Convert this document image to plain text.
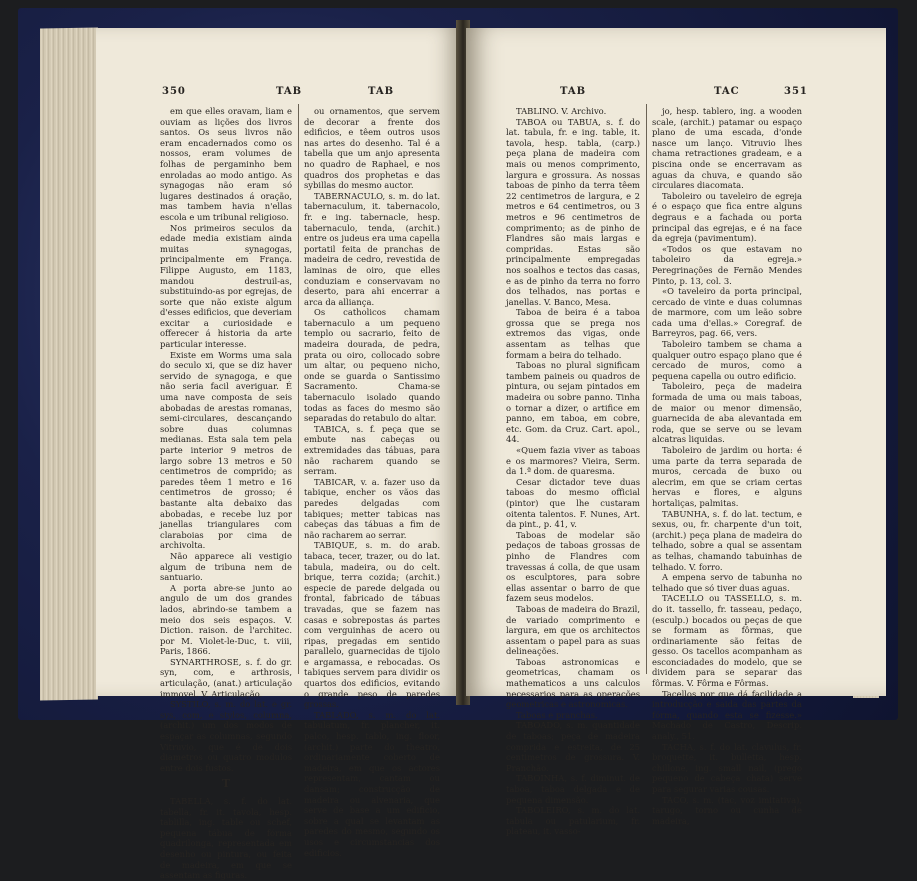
350	TAB	TAB

em que elles oravam, liam e ouviam as lições dos livros santos. Os seus livros não eram encadernados como os nossos, eram volumes de folhas de pergaminho bem enroladas ao modo antigo. As synagogas não eram só lugares destinados á oração, mas tambem havia n'ellas escola e um tribunal religioso.

Nos primeiros seculos da edade media existiam ainda muitas synagogas, principalmente em França. Filippe Augusto, em 1183, mandou destruil-as, substituindo-as por egrejas, de sorte que não existe algum d'esses edificios, que deveriam excitar a curiosidade e offerecer á historia da arte particular interesse.

Existe em Worms uma sala do seculo xi, que se diz haver servido de synagoga, e que não seria facil averiguar. É uma nave composta de seis abobadas de arestas romanas, semi-circulares, descançando sobre duas columnas medianas. Esta sala tem pela parte interior 9 metros de largo sobre 13 metros e 50 centimetros de comprido; as paredes têem 1 metro e 16 centimetros de grosso; é bastante alta debaixo das abobadas, e recebe luz por janellas triangulares com claraboias por cima de archivolta.

Não apparece ali vestigio algum de tribuna nem de santuario.

A porta abre-se junto ao angulo de um dos grandes lados, abrindo-se tambem a meio dos seis espaços. V. Diction. raison. de l'architec. por M. Violet-le-Duc, t. viii, Paris, 1866.

SYNARTHROSE, s. f. do gr. syn, com, e arthrosis, articulação, (anat.) articulação immovel. V. Articulação.

SYSTILO, s. m. do lat. e gr. sys, com, e stylos, columna, (archit.) um dos modos de espaçar as columnas, segundo Vitruvio, que é de dois diametros ou quatro modulos entre dois fustos.

T

TABELLA, s. f. do lat. tabella, fr. it. tavola, hesp. tablilla, ing. table ou schef, pequena tábua de fórma quadrilonga, representada em desenho ou pintura, ou feita de madeira, em que se assentam as figuras.

ou ornamentos, que servem de decorar a frente dos edificios, e têem outros usos nas artes do desenho. Tal é a tabella que um anjo apresenta no quadro de Raphael, e nos quadros dos prophetas e das sybillas do mesmo auctor.

TABERNACULO, s. m. do lat. tabernaculum, it. tabernacolo, fr. e ing. tabernacle, hesp. tabernaculo, tenda, (archit.) entre os judeus era uma capella portatil feita de pranchas de madeira de cedro, revestida de laminas de oiro, que elles conduziam e conservavam no deserto, para ahi encerrar a arca da alliança.

Os catholicos chamam tabernaculo a um pequeno templo ou sacrario, feito de madeira dourada, de pedra, prata ou oiro, collocado sobre um altar, ou pequeno nicho, onde se guarda o Santissimo Sacramento. Chama-se tabernaculo isolado quando todas as faces do mesmo são separadas do retabulo do altar.

TABICA, s. f. peça que se embute nas cabeças ou extremidades das tábuas, para não racharem quando se serram.

TABICAR, v. a. fazer uso da tabique, encher os vãos das paredes delgadas com tabiques; metter tabicas nas cabeças das tábuas a fim de não racharem ao serrar.

TABIQUE, s. m. do arab. tabaca, tecer, trazer, ou do lat. tabula, madeira, ou do celt. brique, terra cozida; (archit.) especie de parede delgada ou frontal, fabricado de tábuas travadas, que se fazem nas casas e sobrepostas ás partes com verguinhas de acero ou ripas, pregadas em sentido parallelo, guarnecidas de tijolo e argamassa, e rebocadas. Os tabiques servem para dividir os quartos dos edificios, evitando o grande peso de paredes grossas.

TABLADO, s. m. do lat. tabulatum, fr. plancher, it. palco, hesp. tablo, ing. floor, (archit.) parte do theatro, ordinariamente coberto de madeira, em que os actores representam, cantam ou dansam; construcção de madeira ou alvenaria, que serve de base a um edificio, sobre a qual se levantam as paredes do mesmo, segundo os usos e circumstancias dos edificios.

TAB	TAC	351

TABLINO. V. Archivo.

TABOA ou TABUA, s. f. do lat. tabula, fr. e ing. table, it. tavola, hesp. tabla, (carp.) peça plana de madeira com mais ou menos comprimento, largura e grossura. As nossas taboas de pinho da terra têem 22 centimetros de largura, e 2 metros e 64 centimetros, ou 3 metros e 96 centimetros de comprimento; as de pinho de Flandres são mais largas e compridas. Estas são principalmente empregadas nos soalhos e tectos das casas, e as de pinho da terra no forro dos telhados, nas portas e janellas. V. Banco, Mesa.

Taboa de beira é a taboa grossa que se prega nos extremos das vigas, onde assentam as telhas que formam a beira do telhado.

Taboas no plural significam tambem paineis ou quadros de pintura, ou sejam pintados em madeira ou sobre panno. Tinha o tornar a dizer, o artifice em panno, em taboa, em cobre, etc. Gom. da Cruz. Cart. apol., 44.

«Quem fazia viver as taboas e os marmores? Vieira, Serm. da 1.ª dom. de quaresma.

Cesar dictador teve duas taboas do mesmo official (pintor) que lhe custaram oitenta talentos. F. Nunes, Art. da pint., p. 41, v.

Taboas de modelar são pedaços de taboas grossas de pinho de Flandres com travessas á colla, de que usam os esculptores, para sobre ellas assentar o barro de que fazem seus modelos.

Taboas de madeira do Brazil, de variado comprimento e largura, em que os architectos assentam o papel para as suas delineações.

Taboas astronomicas e geometricas, chamam os mathematicos a uns calculos necessarios para as operações geometricas e astronomicas.

Taboas e pranchas.

TABOADO, s. m. quantidade de taboas; peça de madeira comprida e estreita, de 25 centimetros de grossura. V. Pranchão.

TABOINHA, s. f. diminut. de taboa, taboa delgada e de pequena dimensão.

TABOLEIRO, s. m. do lat. tabula ou patularium, fr. plateau, it. vasso-

jo, hesp. tablero, ing. a wooden scale, (archit.) patamar ou espaço plano de uma escada, d'onde nasce um lanço. Vitruvio lhes chama retractiones gradeam, e a piscina onde se encerravam as aguas da chuva, e quando são circulares diacomata.

Taboleiro ou taveleiro de egreja é o espaço que fica entre alguns degraus e a fachada ou porta principal das egrejas, e é na face da egreja (pavimentum).

«Todos os que estavam no taboleiro da egreja.» Peregrinações de Fernão Mendes Pinto, p. 13, col. 3.

«O taveleiro da porta principal, cercado de vinte e duas columnas de marmore, com um leão sobre cada uma d'ellas.» Coregraf. de Barreyros, pag. 66, vers.

Taboleiro tambem se chama a qualquer outro espaço plano que é cercado de muros, como a pequena capella ou outro edificio.

Taboleiro, peça de madeira formada de uma ou mais taboas, de maior ou menor dimensão, guarnecida de aba alevantada em roda, que se serve ou se levam alcatras liquidas.

Taboleiro de jardim ou horta: é uma parte da terra separada de muros, cercada de buxo ou alecrim, em que se criam certas hervas e flores, e alguns hortaliças, palmitas.

TABUNHA, s. f. do lat. tectum, e sexus, ou, fr. charpente d'un toit, (archit.) peça plana de madeira do telhado, sobre a qual se assentam as telhas, chamando tabuinhas de telhado. V. forro.

A empena servo de tabunha no telhado que só tiver duas aguas.

TACELLO ou TASSELLO, s. m. do it. tassello, fr. tasseau, pedaço, (esculp.) bocados ou peças de que se formam as fôrmas, que ordinariamente são feitas de gesso. Os tacellos acompanham as esconciadades do modelo, que se dividem para se separar das fôrmas. V. Fôrma e Fôrmas.

Tacellos por que dá facilidade a introducção e saida das partes da fórma, quando esta se fizesse.» Machado de Castro, Descrip. analy., 51.

TACHA, s. f. do lat. clavulus, fr. broquette, it. bulletta, hesp. chillone, ing. small nail, (prego pequeno de cabeça chata) serve para segurar varias cousas.

TACO, s. m. (tac, voz imitativa), tarugo, torno ou cunha de madeira,
